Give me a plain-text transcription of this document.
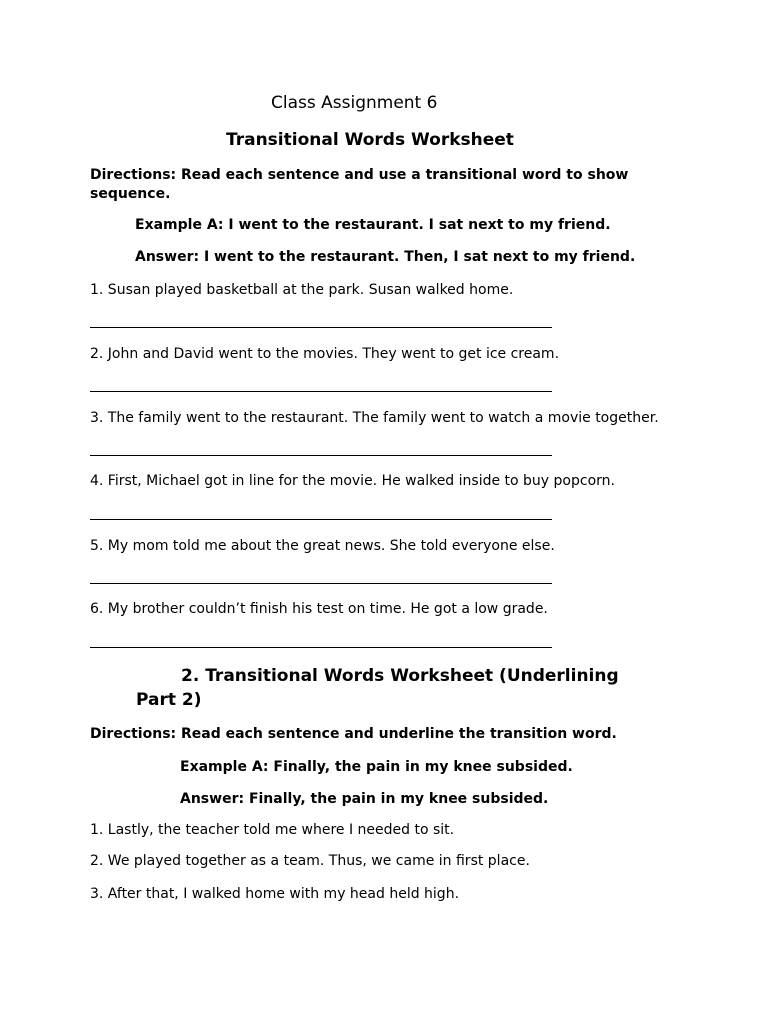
Class Assignment 6
Transitional Words Worksheet
Directions: Read each sentence and use a transitional word to show sequence.
Example A: I went to the restaurant. I sat next to my friend.
Answer: I went to the restaurant. Then, I sat next to my friend.
1. Susan played basketball at the park. Susan walked home.
2. John and David went to the movies. They went to get ice cream.
3. The family went to the restaurant. The family went to watch a movie together.
4. First, Michael got in line for the movie. He walked inside to buy popcorn.
5. My mom told me about the great news. She told everyone else.
6. My brother couldn’t finish his test on time. He got a low grade.
2. Transitional Words Worksheet (Underlining Part 2)
Directions: Read each sentence and underline the transition word.
Example A: Finally, the pain in my knee subsided.
Answer: Finally, the pain in my knee subsided.
1. Lastly, the teacher told me where I needed to sit.
2. We played together as a team. Thus, we came in first place.
3. After that, I walked home with my head held high.
